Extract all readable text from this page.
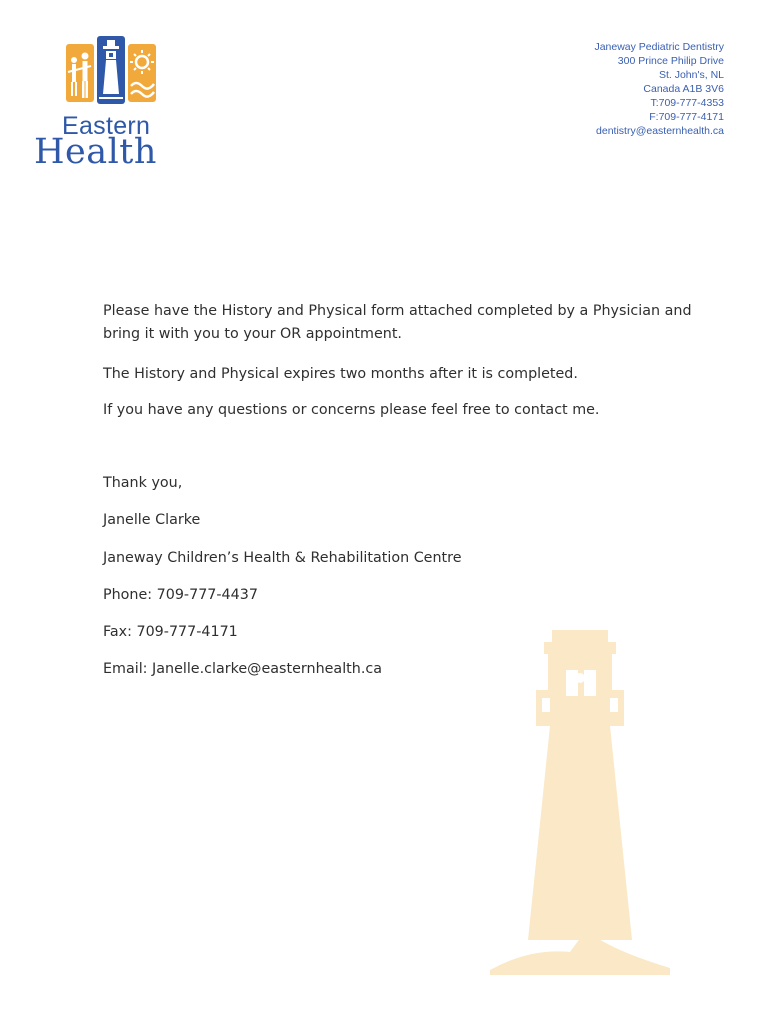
Eastern
Health
Janeway Pediatric Dentistry
300 Prince Philip Drive
St. John's, NL
Canada A1B 3V6
T:709-777-4353
F:709-777-4171
dentistry@easternhealth.ca

Please have the History and Physical form attached completed by a Physician and

bring it with you to your OR appointment.

The History and Physical expires two months after it is completed.

If you have any questions or concerns please feel free to contact me.

Thank you,

Janelle Clarke

Janeway Children’s Health & Rehabilitation Centre

Phone: 709-777-4437

Fax: 709-777-4171

Email: Janelle.clarke@easternhealth.ca
